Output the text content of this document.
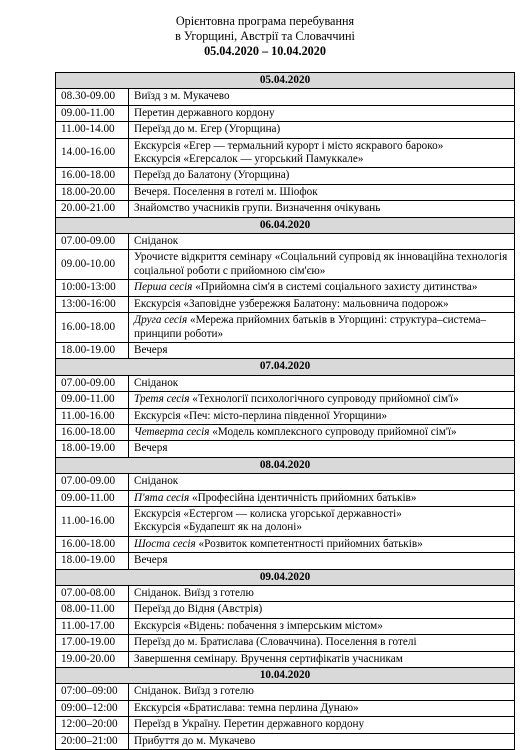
Орієнтовна програма перебування
в Угорщині, Австрії та Словаччині
05.04.2020 – 10.04.2020
05.04.2020	
08.30-09.00	Виїзд з м. Мукачево

09.00-11.00	Перетин державного кордону

11.00-14.00	Переїзд до м. Егер (Угорщина)

14.00-16.00	Екскурсія «Егер — термальний курорт і місто яскравого бароко»
Екскурсія «Егерсалок — угорський Памуккале»

16.00-18.00	Переїзд до Балатону (Угорщина)

18.00-20.00	Вечеря. Поселення в готелі м. Шіофок

20.00-21.00	Знайомство учасників групи. Визначення очікувань

06.04.2020	
07.00-09.00	Сніданок

09.00-10.00	Урочисте відкриття семінару «Соціальний супровід як інноваційна технологія соціальної роботи с прийомною сім'єю»

10:00-13:00	Перша сесія «Прийомна сім'я в системі соціального захисту дитинства»

13:00-16:00	Екскурсія «Заповідне узбережжя Балатону: мальовнича подорож»

16.00-18.00	Друга сесія «Мережа прийомних батьків в Угорщині: структура–система–принципи роботи»

18.00-19.00	Вечеря

07.04.2020	
07.00-09.00	Сніданок

09.00-11.00	Третя сесія «Технології психологічного супроводу прийомної сім'ї»

11.00-16.00	Екскурсія «Печ: місто-перлина південної Угорщини»

16.00-18.00	Четверта сесія «Модель комплексного супроводу прийомної сім'ї»

18.00-19.00	Вечеря

08.04.2020	
07.00-09.00	Сніданок

09.00-11.00	П'ята сесія «Професійна ідентичність прийомних батьків»

11.00-16.00	Екскурсія «Естергом — колиска угорської державності»
Екскурсія «Будапешт як на долоні»

16.00-18.00	Шоста сесія «Розвиток компетентності прийомних батьків»

18.00-19.00	Вечеря

09.04.2020	
07.00-08.00	Сніданок. Виїзд з готелю

08.00-11.00	Переїзд до Відня (Австрія)

11.00-17.00	Екскурсія «Відень: побачення з імперським містом»

17.00-19.00	Переїзд до м. Братислава (Словаччина). Поселення в готелі

19.00-20.00	Завершення семінару. Вручення сертифікатів учасникам

10.04.2020	
07:00–09:00	Сніданок. Виїзд з готелю

09:00–12:00	Екскурсія «Братислава: темна перлина Дунаю»

12:00–20:00	Переїзд в Україну. Перетин державного кордону

20:00–21:00	Прибуття до м. Мукачево
